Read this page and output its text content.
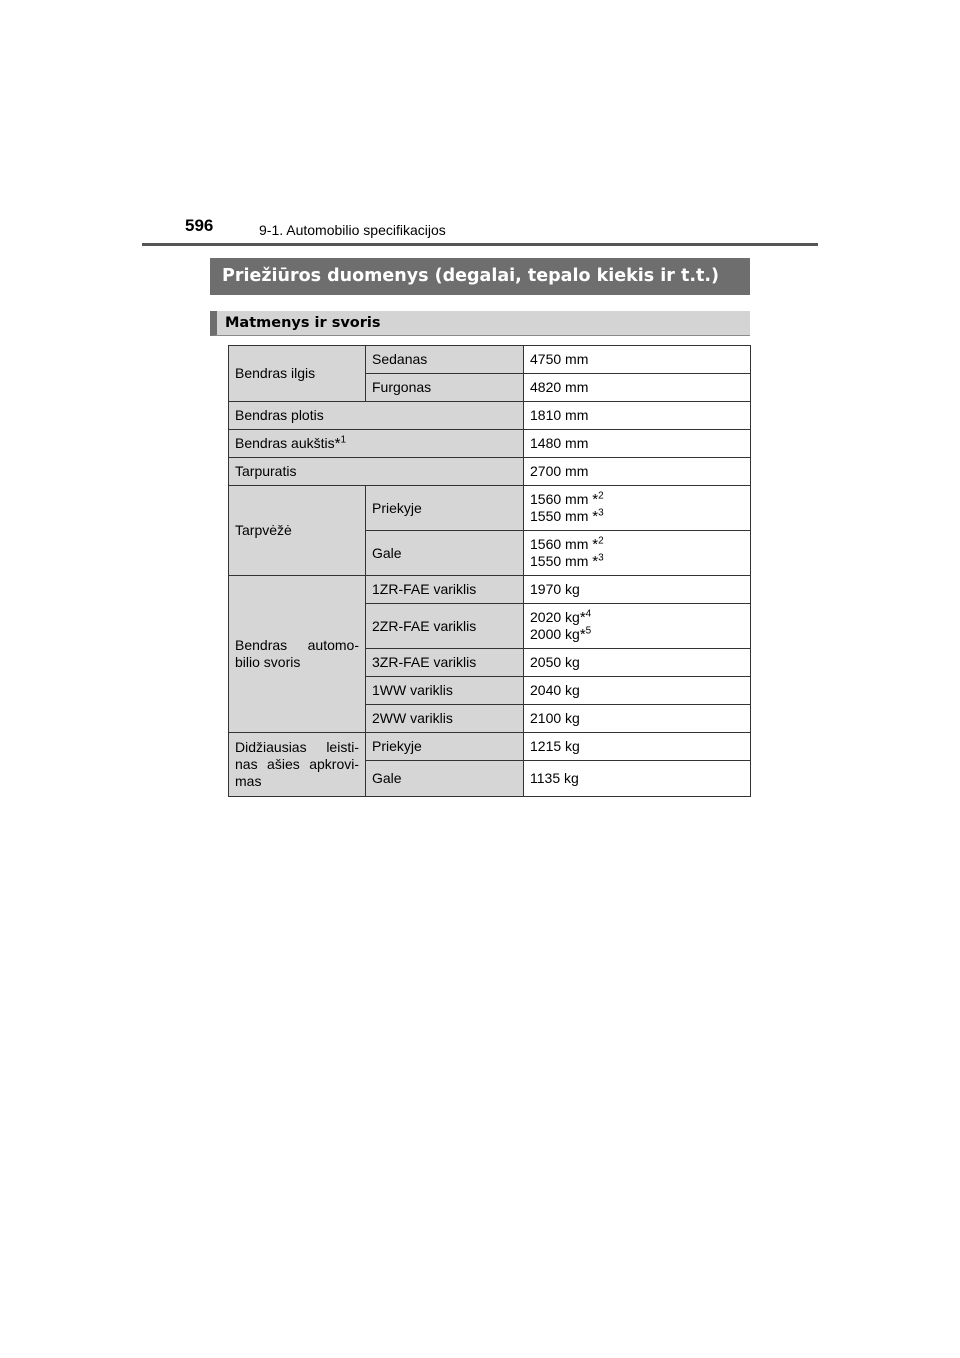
596	9-1. Automobilio specifikacijos
Priežiūros duomenys (degalai, tepalo kiekis ir t.t.)
Matmenys ir svoris
Bendras ilgis	Sedanas	4750 mm
	Furgonas	4820 mm
Bendras plotis		1810 mm
Bendras aukštis*$^1$		1480 mm
Tarpuratis		2700 mm
Tarpvėžė	Priekyje	1560 mm *$^2$
1550 mm *$^3$

	Gale	1560 mm *$^2$
1550 mm *$^3$

Bendras automo- bilio svoris	1ZR-FAE variklis	1970 kg
	2ZR-FAE variklis	2020 kg*$^4$
2000 kg*$^5$

	3ZR-FAE variklis	2050 kg
	1WW variklis	2040 kg
	2WW variklis	2100 kg
Didžiausias leisti- nas ašies apkrovi- mas	Priekyje	1215 kg
	Gale	1135 kg
